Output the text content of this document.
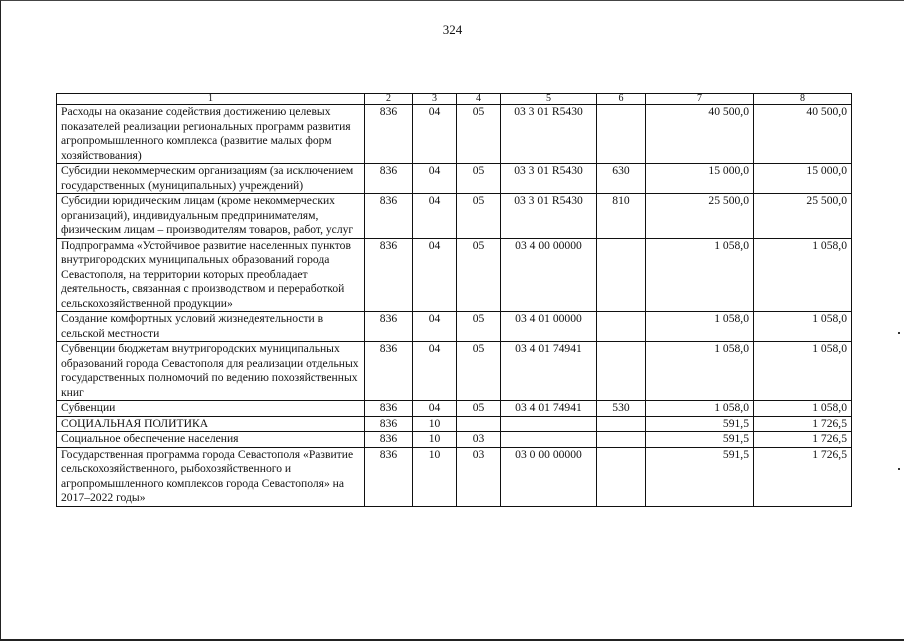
324
1	2	3	4	5	6	7	8
Расходы на оказание содействия достижению целевых показателей реализации региональных программ развития агропромышленного комплекса (развитие малых форм хозяйствования)	836	04	05	03 3 01 R5430		40 500,0	40 500,0
Субсидии некоммерческим организациям (за исключением государственных (муниципальных) учреждений)	836	04	05	03 3 01 R5430	630	15 000,0	15 000,0
Субсидии юридическим лицам (кроме некоммерческих организаций), индивидуальным предпринимателям, физическим лицам – производителям товаров, работ, услуг	836	04	05	03 3 01 R5430	810	25 500,0	25 500,0
Подпрограмма «Устойчивое развитие населенных пунктов внутригородских муниципальных образований города Севастополя, на территории которых преобладает деятельность, связанная с производством и переработкой сельскохозяйственной продукции»	836	04	05	03 4 00 00000		1 058,0	1 058,0
Создание комфортных условий жизнедеятельности в сельской местности	836	04	05	03 4 01 00000		1 058,0	1 058,0
Субвенции бюджетам внутригородских муниципальных образований города Севастополя для реализации отдельных государственных полномочий по ведению похозяйственных книг	836	04	05	03 4 01 74941		1 058,0	1 058,0
Субвенции	836	04	05	03 4 01 74941	530	1 058,0	1 058,0
СОЦИАЛЬНАЯ ПОЛИТИКА	836	10				591,5	1 726,5
Социальное обеспечение населения	836	10	03			591,5	1 726,5
Государственная программа города Севастополя «Развитие сельскохозяйственного, рыбохозяйственного и агропромышленного комплексов города Севастополя» на 2017–2022 годы»	836	10	03	03 0 00 00000		591,5	1 726,5
